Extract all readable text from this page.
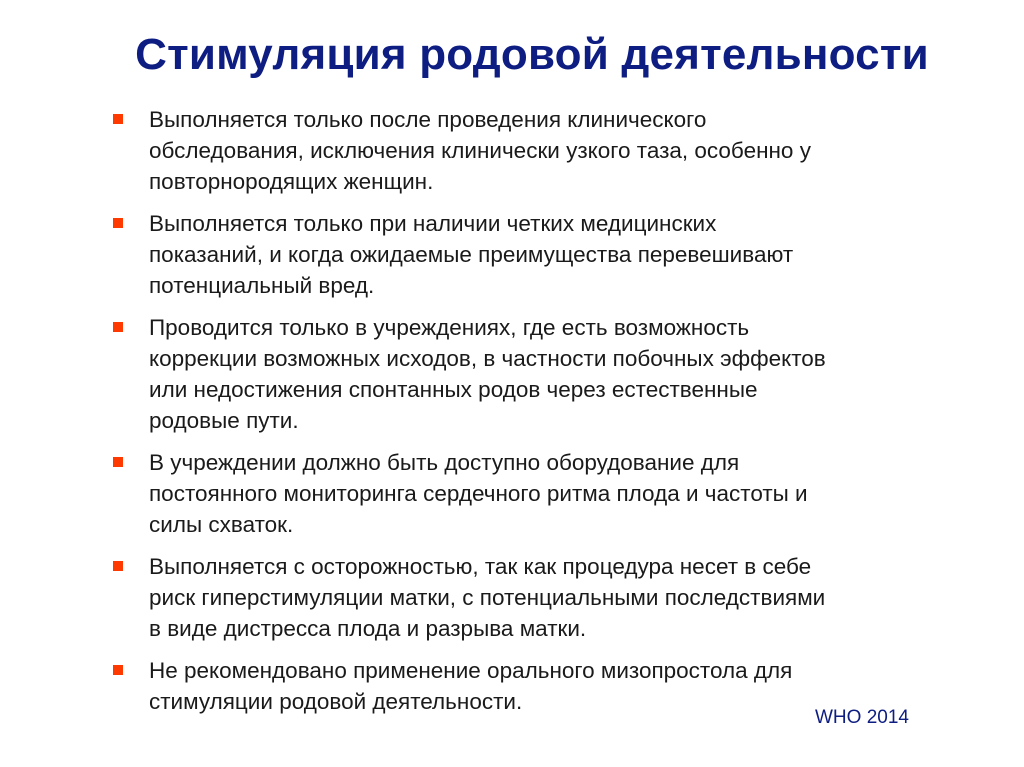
Стимуляция родовой деятельности
Выполняется только после проведения клинического
обследования, исключения клинически узкого таза, особенно у
повторнородящих женщин.
Выполняется только при наличии четких медицинских
показаний, и когда ожидаемые преимущества перевешивают
потенциальный вред.
Проводится только в учреждениях, где есть возможность
коррекции возможных исходов, в частности побочных эффектов
или недостижения спонтанных родов через естественные
родовые пути.
В учреждении должно быть доступно оборудование для
постоянного мониторинга сердечного ритма плода и частоты и
силы схваток.
Выполняется с осторожностью, так как процедура несет в себе
риск гиперстимуляции матки, с потенциальными последствиями
в виде дистресса плода и разрыва матки.
Не рекомендовано применение орального мизопростола для
стимуляции родовой деятельности.
WHO 2014
